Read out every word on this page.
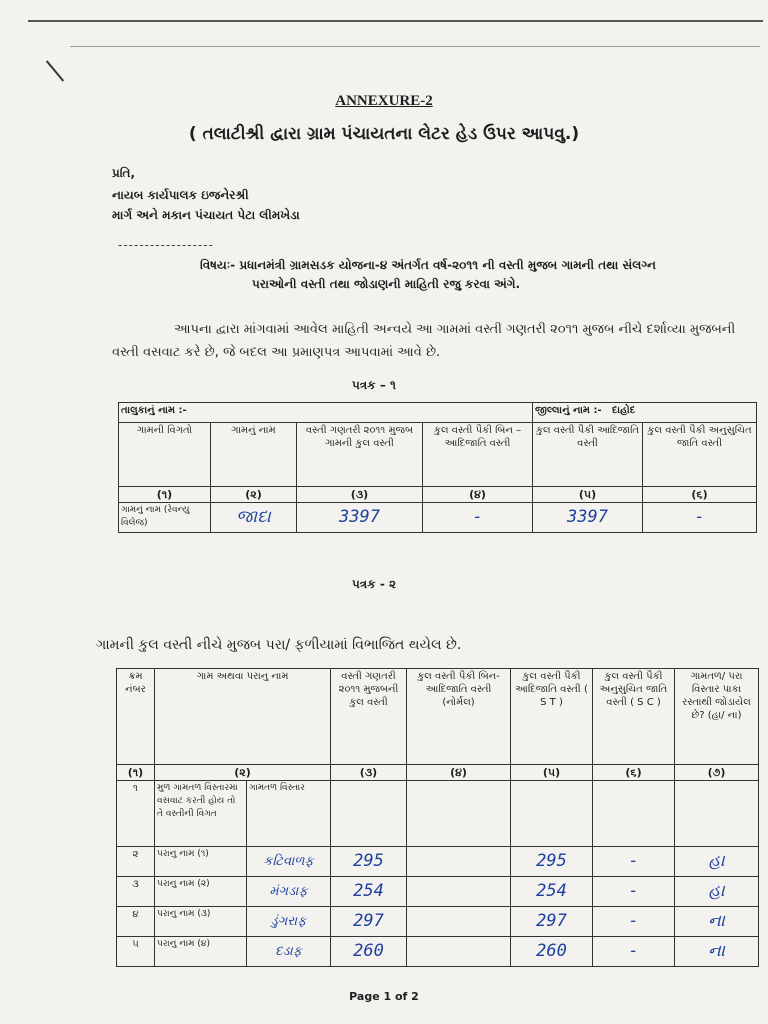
ANNEXURE-2
( તલાટીશ્રી દ્વારા ગ્રામ પંચાયતના લેટર હેડ ઉપર આપવુ.)
પ્રતિ,
નાયબ કાર્યપાલક ઇજનેરશ્રી
માર્ગ અને મકાન પંચાયત પેટા લીમખેડા
------------------
વિષયઃ- પ્રધાનમંત્રી ગ્રામસડક યોજના-૪ અંતર્ગત વર્ષ-૨૦૧૧ ની વસ્તી મુજબ ગામની તથા સંલગ્ન
પરાઓની વસ્તી તથા જોડાણની માહિતી રજુ કરવા અંગે.
આપના દ્વારા માંગવામાં આવેલ માહિતી અન્વયે આ ગામમાં વસ્તી ગણતરી ૨૦૧૧ મુજબ નીચે દર્શાવ્યા મુજબની વસ્તી વસવાટ કરે છે, જે બદલ આ પ્રમાણપત્ર આપવામાં આવે છે.
પત્રક – ૧
તાલુકાનું નામ :-				જીલ્લાનું નામ :- દાહોદ	
ગામની વિગતો	ગામનું નામ	વસ્તી ગણતરી ૨૦૧૧ મુજબ ગામની કુલ વસ્તી	કુલ વસ્તી પૈકી બિન – આદિજાતિ વસ્તી	કુલ વસ્તી પૈકી આદિજાતિ વસ્તી	કુલ વસ્તી પૈકી અનુસુચિત જાતિ વસ્તી
(૧)	(૨)	(૩)	(૪)	(૫)	(૬)
ગામનું નામ (રેવન્યુ વિલેજ)	જાદા	3397	-	3397	-
પત્રક - ૨
ગામની કુલ વસ્તી નીચે મુજબ પરા/ ફળીયામાં વિભાજિત થયેલ છે.
ક્રમ નંબર	ગામ અથવા પરાનુ નામ		વસ્તી ગણતરી ૨૦૧૧ મુજબની કુલ વસ્તી	કુલ વસ્તી પૈકી બિન- આદિજાતિ વસ્તી (નોર્મલ)	કુલ વસ્તી પૈકી આદિજાતિ વસ્તી ( S T )	કુલ વસ્તી પૈકી અનુસુચિત જાતિ વસ્તી ( S C )	ગામતળ/ પરા વિસ્તાર પાકા રસ્તાથી જોડાયેલ છે? (હા/ ના)
(૧)	(૨)		(૩)	(૪)	(૫)	(૬)	(૭)
૧	મુળ ગામતળ વિસ્તારમા વસવાટ કરતી હોય તો તે વસ્તીની વિગત	ગામતળ વિસ્તાર					
૨	પરાનુ નામ (૧)	કટિવાળફ	295		295	-	હા
૩	પરાનુ નામ (૨)	મંગડાફ	254		254	-	હા
૪	પરાનુ નામ (૩)	ડુંગરાફ	297		297	-	ના
૫	પરાનુ નામ (૪)	દડાફ	260		260	-	ના
Page 1 of 2
